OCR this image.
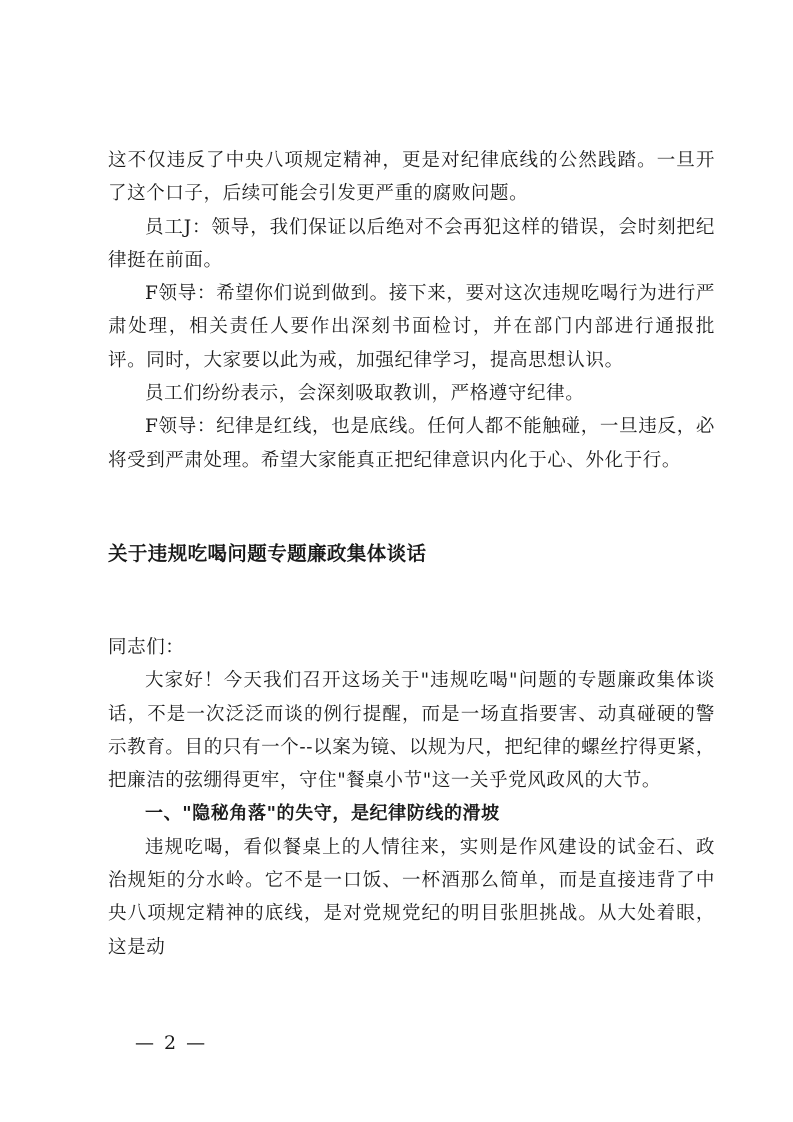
这不仅违反了中央八项规定精神，更是对纪律底线的公然践踏。一旦开了这个口子，后续可能会引发更严重的腐败问题。

员工J：领导，我们保证以后绝对不会再犯这样的错误，会时刻把纪律挺在前面。

F领导：希望你们说到做到。接下来，要对这次违规吃喝行为进行严肃处理，相关责任人要作出深刻书面检讨，并在部门内部进行通报批评。同时，大家要以此为戒，加强纪律学习，提高思想认识。

员工们纷纷表示，会深刻吸取教训，严格遵守纪律。

F领导：纪律是红线，也是底线。任何人都不能触碰，一旦违反，必将受到严肃处理。希望大家能真正把纪律意识内化于心、外化于行。

关于违规吃喝问题专题廉政集体谈话

同志们：

大家好！今天我们召开这场关于"违规吃喝"问题的专题廉政集体谈话，不是一次泛泛而谈的例行提醒，而是一场直指要害、动真碰硬的警示教育。目的只有一个--以案为镜、以规为尺，把纪律的螺丝拧得更紧，把廉洁的弦绷得更牢，守住"餐桌小节"这一关乎党风政风的大节。

一、"隐秘角落"的失守，是纪律防线的滑坡

违规吃喝，看似餐桌上的人情往来，实则是作风建设的试金石、政治规矩的分水岭。它不是一口饭、一杯酒那么简单，而是直接违背了中央八项规定精神的底线，是对党规党纪的明目张胆挑战。从大处着眼，这是动

— 2 —
